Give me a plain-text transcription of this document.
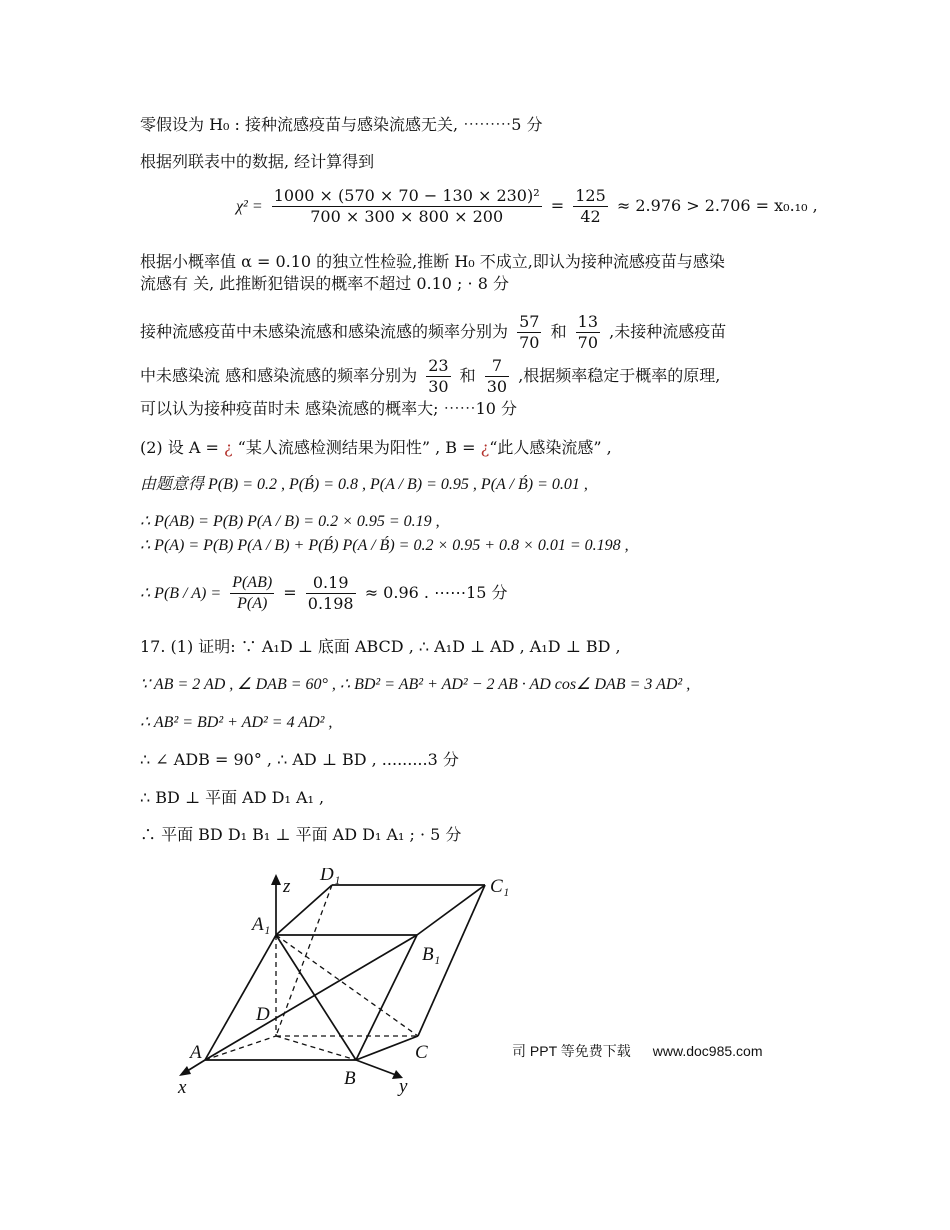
零假设为 H₀ : 接种流感疫苗与感染流感无关, ⋯⋯⋯5 分
根据列联表中的数据, 经计算得到
$\chi^2 = \frac{\text{1000 × (570 × 70 − 130 × 230)²}}{700 \times 300 \times 800 \times 200} = \frac{125}{42} \approx 2.976 > 2.706 = x_0._{10}$ ,
根据小概率值 α = 0.10 的独立性检验,推断 H₀ 不成立,即认为接种流感疫苗与感染
流感有 关, 此推断犯错误的概率不超过 0.10 ; · 8 分
接种流感疫苗中未感染流感和感染流感的频率分别为 $\frac{57}{70}$ 和 $\frac{13}{70}$ ,未接种流感疫苗
中未感染流 感和感染流感的频率分别为 $\frac{23}{30}$ 和 $\frac{7}{30}$ ,根据频率稳定于概率的原理,
可以认为接种疫苗时未 感染流感的概率大; ⋯⋯10 分
(2) 设 A = ¿ “某人流感检测结果为阳性” , B = ¿“此人感染流感” ,
由题意得 P(B) = 0.2 , P(B́) = 0.8 , P(A / B) = 0.95 , P(A / B́) = 0.01 ,
∴ P(AB) = P(B) P(A / B) = 0.2 × 0.95 = 0.19 ,
∴ P(A) = P(B) P(A / B) + P(B́) P(A / B́) = 0.2 × 0.95 + 0.8 × 0.01 = 0.198 ,
∴ $P(B / A) = \frac{P(AB)}{P(A)} = \frac{0.19}{0.198} \approx 0.96$ . ⋯⋯15 分
17. (1) 证明: ∵ A₁D ⊥ 底面 ABCD , ∴ A₁D ⊥ AD , A₁D ⊥ BD ,
∵ AB = 2 AD , ∠ DAB = 60° , ∴ BD² = AB² + AD² − 2 AB · AD cos∠ DAB = 3 AD² ,
∴ AB² = BD² + AD² = 4 AD² ,
∴ ∠ ADB = 90° , ∴ AD ⊥ BD , .........3 分
∴ BD ⊥ 平面 AD D₁ A₁ ,
∴ 平面 BD D₁ B₁ ⊥ 平面 AD D₁ A₁ ; · 5 分
A₁
B₁
C₁
D₁
A
B
C
D
x	y
z
司 PPT 等免费下载 www.doc985.com
